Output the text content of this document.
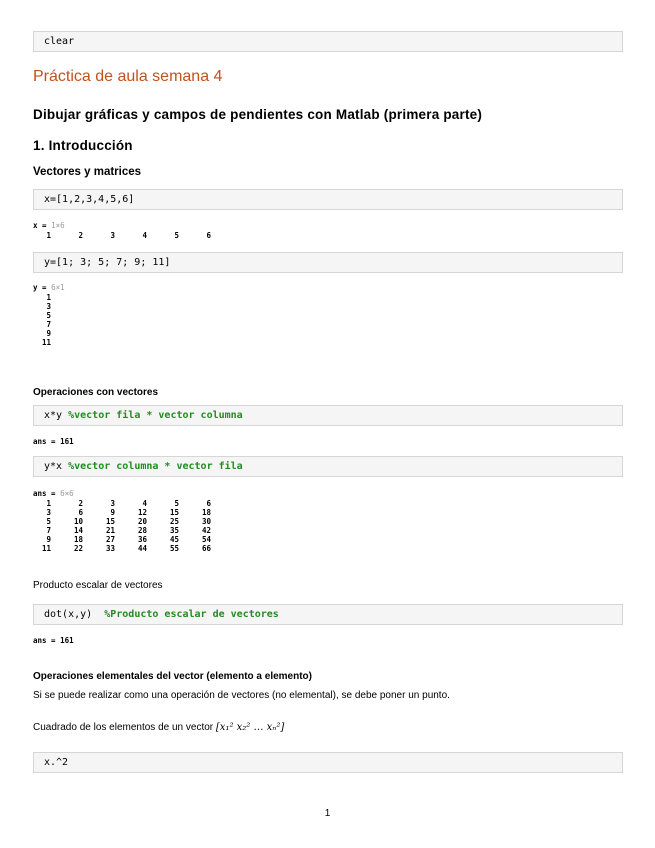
clear
Práctica de aula semana 4
Dibujar gráficas y campos de pendientes con Matlab (primera parte)
1. Introducción
Vectores y matrices
x=[1,2,3,4,5,6]
x = 1×6
1	2	3	4	5	6
y=[1; 3; 5; 7; 9; 11]
y = 6×1
1
3
5
7
9
11
Operaciones con vectores
x*y %vector fila * vector columna
ans = 161
y*x %vector columna * vector fila
ans = 6×6
1	2	3	4	5	6
3	6	9	12	15	18
5	10	15	20	25	30
7	14	21	28	35	42
9	18	27	36	45	54
11	22	33	44	55	66
Producto escalar de vectores
dot(x,y)  %Producto escalar de vectores
ans = 161
Operaciones elementales del vector (elemento a elemento)
Si se puede realizar como una operación de vectores (no elemental), se debe poner un punto.
Cuadrado de los elementos de un vector [x₁² x₂² … xₙ²]
x.^2
1
